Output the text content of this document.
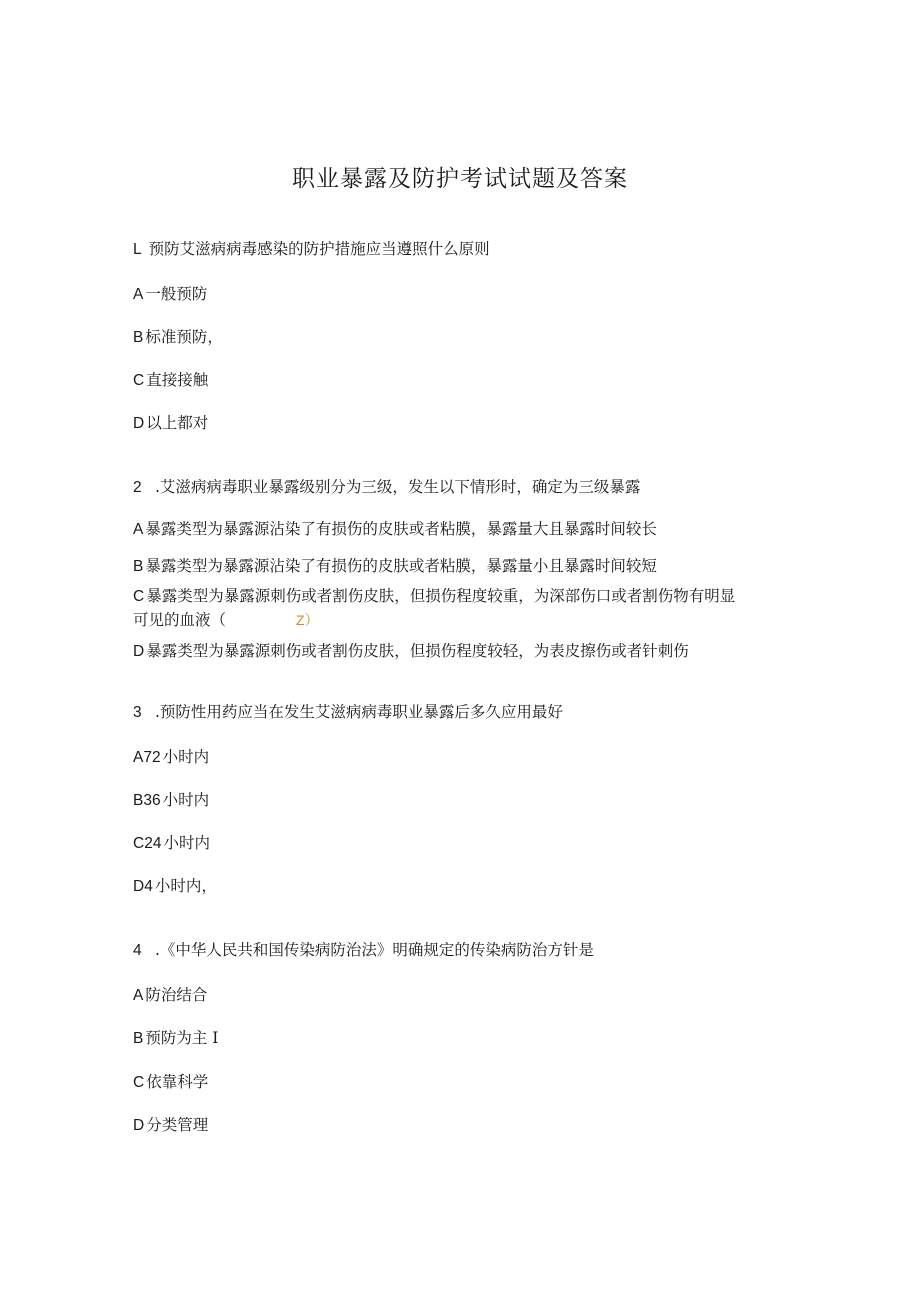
职业暴露及防护考试试题及答案
L 预防艾滋病病毒感染的防护措施应当遵照什么原则
A 一般预防
B 标准预防，
C 直接接触
D 以上都对
2 .艾滋病病毒职业暴露级别分为三级，发生以下情形时，确定为三级暴露
A 暴露类型为暴露源沾染了有损伤的皮肤或者粘膜，暴露量大且暴露时间较长
B 暴露类型为暴露源沾染了有损伤的皮肤或者粘膜，暴露量小且暴露时间较短
C 暴露类型为暴露源刺伤或者割伤皮肤，但损伤程度较重，为深部伤口或者割伤物有明显
可见的血液（	Z）
D 暴露类型为暴露源刺伤或者割伤皮肤，但损伤程度较轻，为表皮擦伤或者针刺伤
3 .预防性用药应当在发生艾滋病病毒职业暴露后多久应用最好
A72 小时内
B36 小时内
C24 小时内
D4 小时内，
4 .《中华人民共和国传染病防治法》明确规定的传染病防治方针是
A 防治结合
B 预防为主 I
C 依靠科学
D 分类管理
